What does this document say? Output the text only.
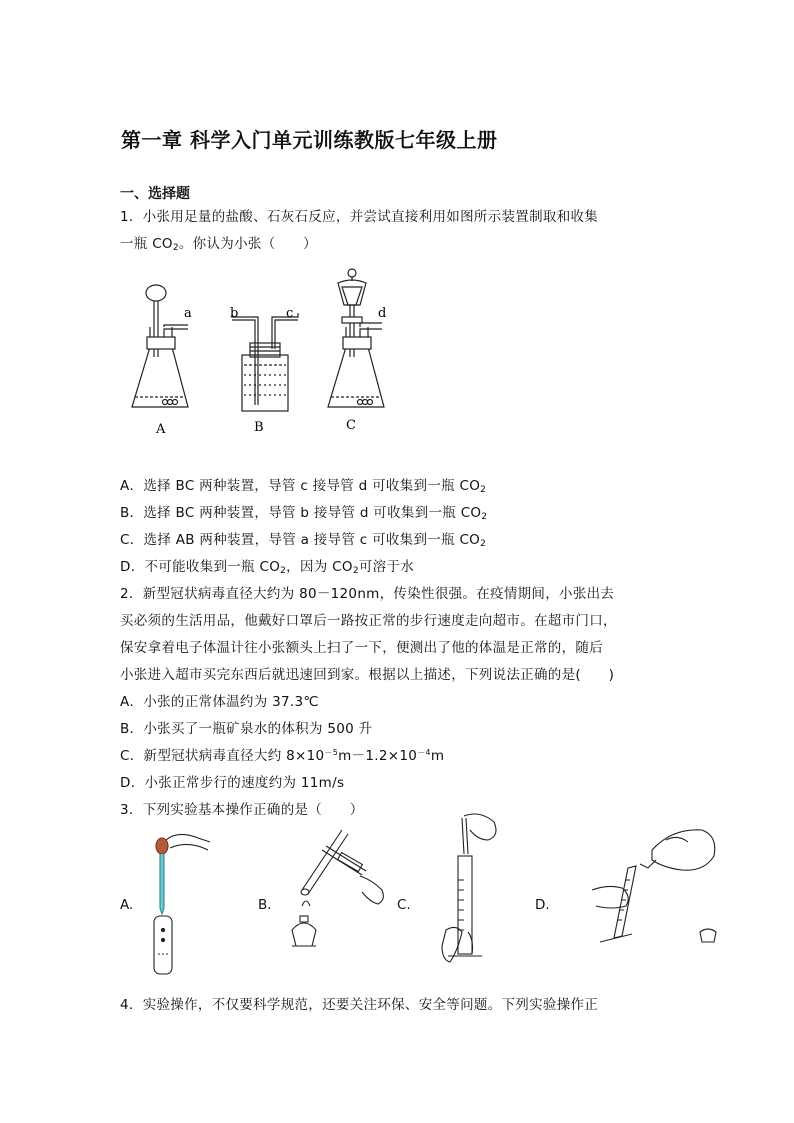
第一章 科学入门单元训练教版七年级上册
一、选择题
1．小张用足量的盐酸、石灰石反应，并尝试直接利用如图所示装置制取和收集
一瓶 $CO_2$。你认为小张（　　）
a	b	c	d
A	B	C
A．选择 BC 两种装置，导管 c 接导管 d 可收集到一瓶 $CO_2$
B．选择 BC 两种装置，导管 b 接导管 d 可收集到一瓶 $CO_2$
C．选择 AB 两种装置，导管 a 接导管 c 可收集到一瓶 $CO_2$
D．不可能收集到一瓶 $CO_2$，因为 $CO_2$可溶于水
2．新型冠状病毒直径大约为 80－120nm，传染性很强。在疫情期间，小张出去
买必须的生活用品，他戴好口罩后一路按正常的步行速度走向超市。在超市门口，
保安拿着电子体温计往小张额头上扫了一下，便测出了他的体温是正常的，随后
小张进入超市买完东西后就迅速回到家。根据以上描述，下列说法正确的是(　　)
A．小张的正常体温约为 37.3℃
B．小张买了一瓶矿泉水的体积为 500 升
C．新型冠状病毒直径大约 $8\times 10^{-5}m-1.2\times 10^{-4}m$
D．小张正常步行的速度约为 11m/s
3．下列实验基本操作正确的是（　　）
A.	B.	C.	D.
4．实验操作，不仅要科学规范，还要关注环保、安全等问题。下列实验操作正
